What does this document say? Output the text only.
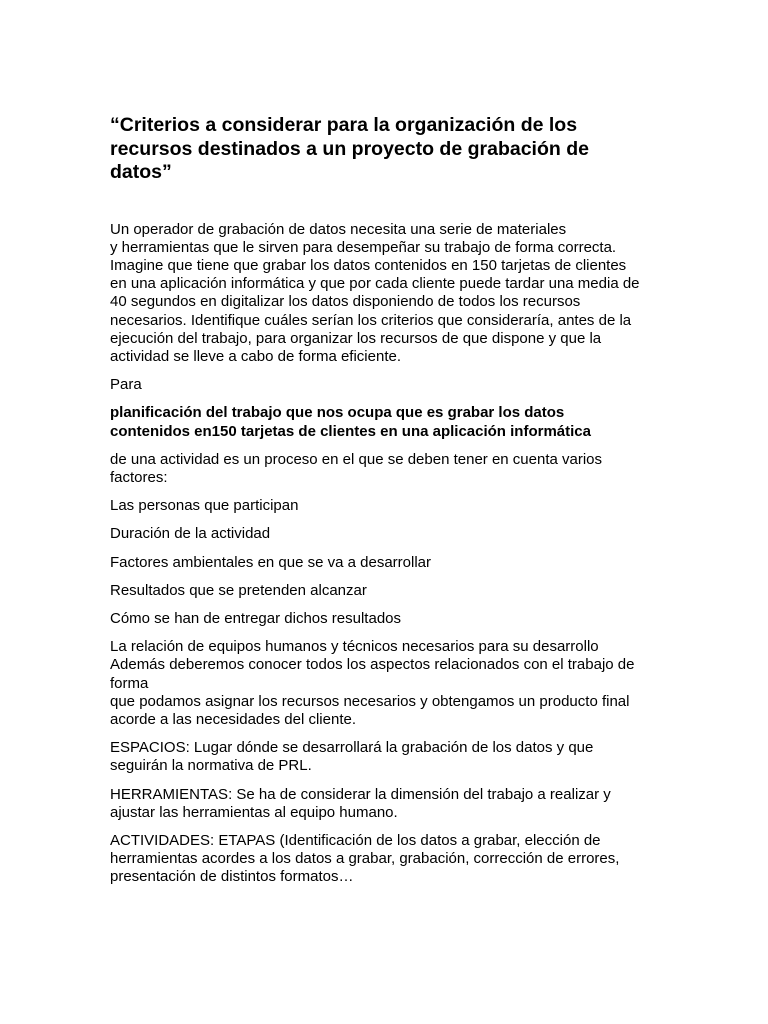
“Criterios a considerar para la organización de los
recursos destinados a un proyecto de grabación de
datos”

Un operador de grabación de datos necesita una serie de materiales
y herramientas que le sirven para desempeñar su trabajo de forma correcta.
Imagine que tiene que grabar los datos contenidos en 150 tarjetas de clientes
en una aplicación informática y que por cada cliente puede tardar una media de
40 segundos en digitalizar los datos disponiendo de todos los recursos
necesarios. Identifique cuáles serían los criterios que consideraría, antes de la
ejecución del trabajo, para organizar los recursos de que dispone y que la
actividad se lleve a cabo de forma eficiente.

Para

planificación del trabajo que nos ocupa que es grabar los datos
contenidos en150 tarjetas de clientes en una aplicación informática

de una actividad es un proceso en el que se deben tener en cuenta varios
factores:

Las personas que participan

Duración de la actividad

Factores ambientales en que se va a desarrollar

Resultados que se pretenden alcanzar

Cómo se han de entregar dichos resultados

La relación de equipos humanos y técnicos necesarios para su desarrollo
Además deberemos conocer todos los aspectos relacionados con el trabajo de
forma
que podamos asignar los recursos necesarios y obtengamos un producto final
acorde a las necesidades del cliente.

ESPACIOS: Lugar dónde se desarrollará la grabación de los datos y que
seguirán la normativa de PRL.

HERRAMIENTAS: Se ha de considerar la dimensión del trabajo a realizar y
ajustar las herramientas al equipo humano.

ACTIVIDADES: ETAPAS (Identificación de los datos a grabar, elección de
herramientas acordes a los datos a grabar, grabación, corrección de errores,
presentación de distintos formatos…
